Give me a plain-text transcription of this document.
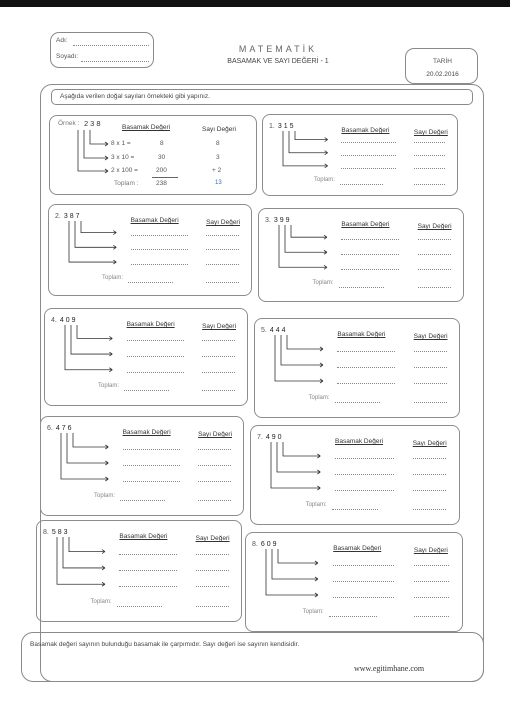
Adı:
Soyadı:
MATEMATİK
BASAMAK VE SAYI DEĞERİ - 1	TARİH
20.02.2016
Aşağıda verilen doğal sayıları örnekteki gibi yapınız.
Örnek : 238	Basamak Değeri	Sayı Değeri
8 x 1 =	8	8
3 x 10 =	30	3
2 x 100 =	200	+ 2
Toplam :	238	13
1. 315
Basamak Değeri	Sayı Değeri
Toplam:
2. 387
Basamak Değeri	Sayı Değeri
Toplam:
3. 399
Basamak Değeri	Sayı Değeri
Toplam:
4. 409
Basamak Değeri	Sayı Değeri
Toplam:
5. 444
Basamak Değeri	Sayı Değeri
Toplam:
6. 476
Basamak Değeri	Sayı Değeri
Toplam:
7. 490
Basamak Değeri	Sayı Değeri
Toplam:
8. 583
Basamak Değeri	Sayı Değeri
Toplam:
8. 609
Basamak Değeri	Sayı Değeri
Toplam:
Basamak değeri sayının bulunduğu basamak ile çarpımıdır. Sayı değeri ise sayının kendisidir.
www.egitimhane.com
